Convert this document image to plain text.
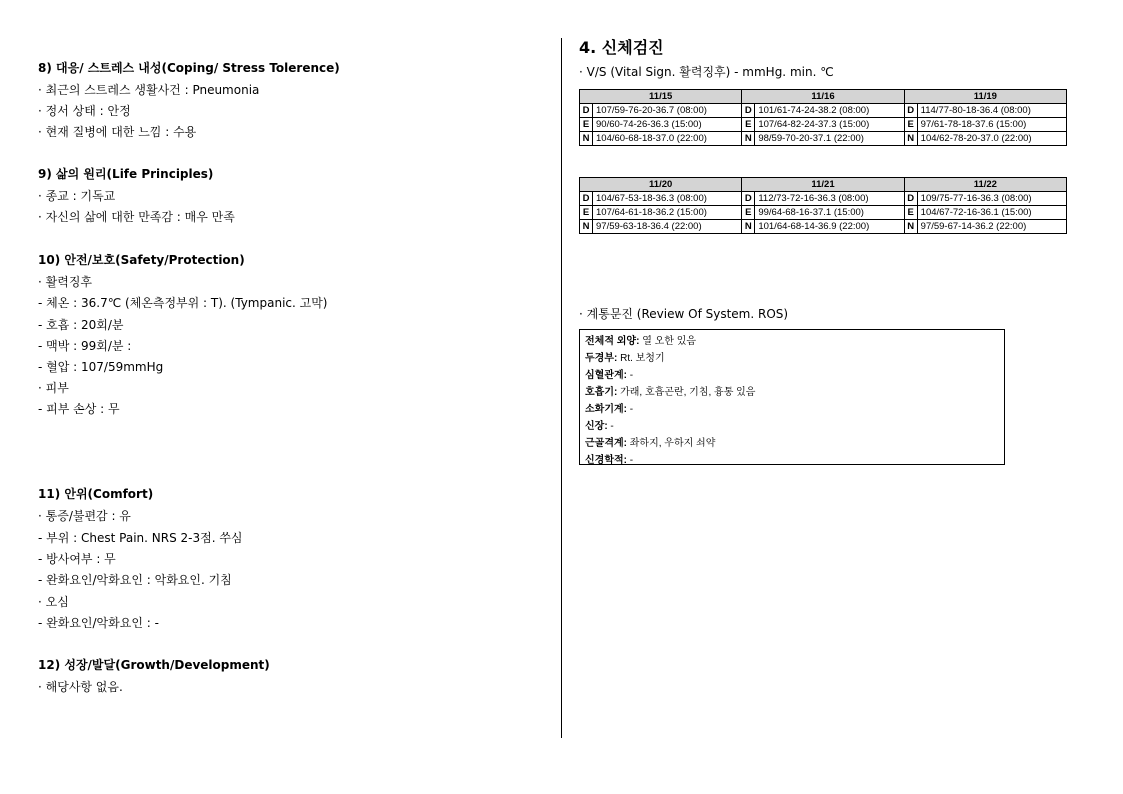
8) 대응/ 스트레스 내성(Coping/ Stress Tolerence)
· 최근의 스트레스 생활사건 : Pneumonia
· 정서 상태 : 안정
· 현재 질병에 대한 느낌 : 수용
9) 삶의 원리(Life Principles)
· 종교 : 기독교
· 자신의 삶에 대한 만족감 : 매우 만족
10) 안전/보호(Safety/Protection)
· 활력징후
- 체온 : 36.7℃ (체온측정부위 : T). (Tympanic. 고막)
- 호흡 : 20회/분
- 맥박 : 99회/분 :
- 혈압 : 107/59mmHg
· 피부
- 피부 손상 : 무
11) 안위(Comfort)
· 통증/불편감 : 유
- 부위 : Chest Pain. NRS 2-3점. 쑤심
- 방사여부 : 무
- 완화요인/악화요인 : 악화요인. 기침
· 오심
- 완화요인/악화요인 : -
12) 성장/발달(Growth/Development)
· 해당사항 없음.
4. 신체검진
· V/S (Vital Sign. 활력징후) - mmHg. min. ℃
11/15		11/16		11/19	
D	107/59-76-20-36.7 (08:00)	D	101/61-74-24-38.2 (08:00)	D	114/77-80-18-36.4 (08:00)
E	90/60-74-26-36.3 (15:00)	E	107/64-82-24-37.3 (15:00)	E	97/61-78-18-37.6 (15:00)
N	104/60-68-18-37.0 (22:00)	N	98/59-70-20-37.1 (22:00)	N	104/62-78-20-37.0 (22:00)
11/20		11/21		11/22	
D	104/67-53-18-36.3 (08:00)	D	112/73-72-16-36.3 (08:00)	D	109/75-77-16-36.3 (08:00)
E	107/64-61-18-36.2 (15:00)	E	99/64-68-16-37.1 (15:00)	E	104/67-72-16-36.1 (15:00)
N	97/59-63-18-36.4 (22:00)	N	101/64-68-14-36.9 (22:00)	N	97/59-67-14-36.2 (22:00)
· 계통문진 (Review Of System. ROS)
전체적 외양: 열 오한 있음
두경부: Rt. 보청기
심혈관계: -
호흡기: 가래, 호흡곤란, 기침, 흉통 있음
소화기계: -
신장: -
근골격계: 좌하지, 우하지 쇠약
신경학적: -
